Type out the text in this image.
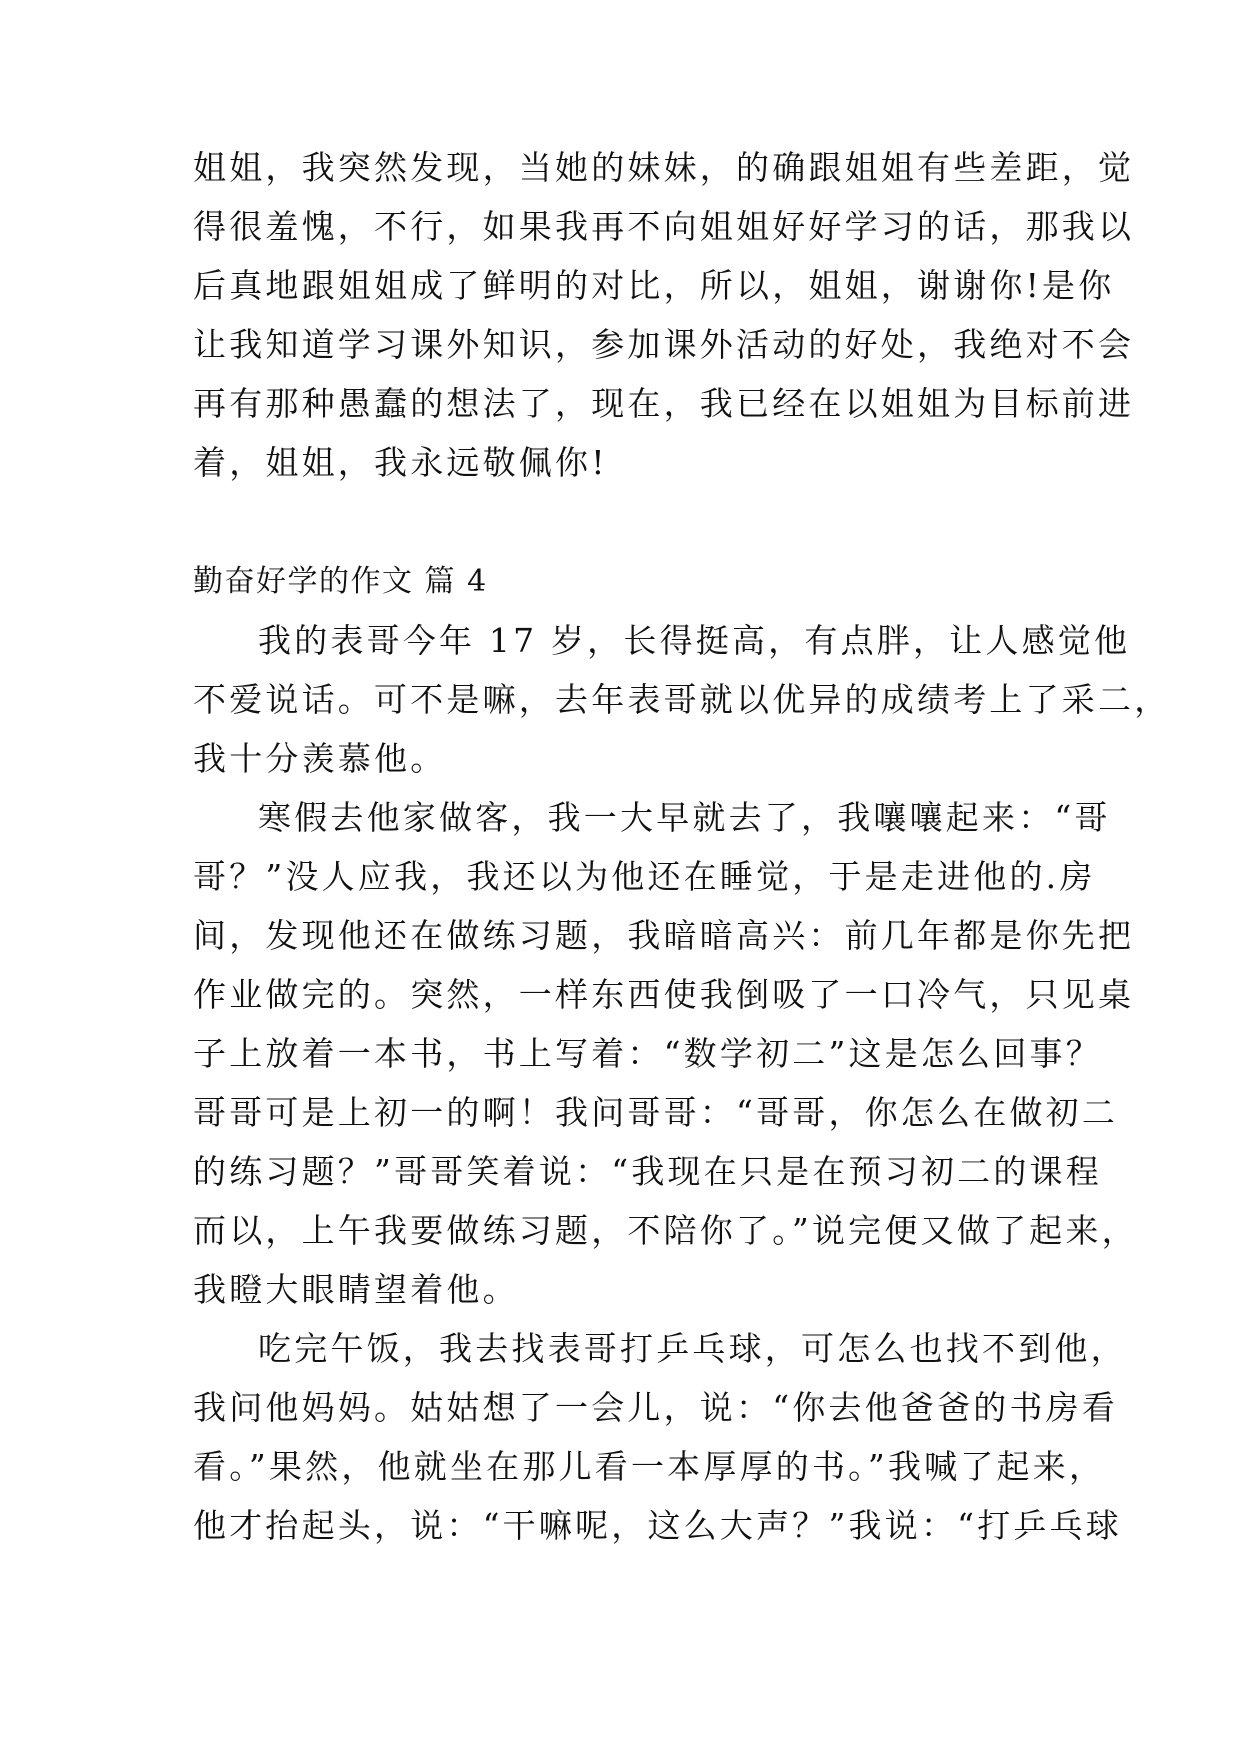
姐姐，我突然发现，当她的妹妹，的确跟姐姐有些差距，觉
得很羞愧，不行，如果我再不向姐姐好好学习的话，那我以
后真地跟姐姐成了鲜明的对比，所以，姐姐，谢谢你!是你
让我知道学习课外知识，参加课外活动的好处，我绝对不会
再有那种愚蠢的想法了，现在，我已经在以姐姐为目标前进
着，姐姐，我永远敬佩你!
勤奋好学的作文 篇 4
我的表哥今年 17 岁，长得挺高，有点胖，让人感觉他
不爱说话。可不是嘛，去年表哥就以优异的成绩考上了采二，
我十分羡慕他。
寒假去他家做客，我一大早就去了，我嚷嚷起来：“哥
哥？”没人应我，我还以为他还在睡觉，于是走进他的.房
间，发现他还在做练习题，我暗暗高兴：前几年都是你先把
作业做完的。突然，一样东西使我倒吸了一口冷气，只见桌
子上放着一本书，书上写着：“数学初二”这是怎么回事？
哥哥可是上初一的啊！我问哥哥：“哥哥，你怎么在做初二
的练习题？”哥哥笑着说：“我现在只是在预习初二的课程
而以，上午我要做练习题，不陪你了。”说完便又做了起来，
我瞪大眼睛望着他。
吃完午饭，我去找表哥打乒乓球，可怎么也找不到他，
我问他妈妈。姑姑想了一会儿，说：“你去他爸爸的书房看
看。”果然，他就坐在那儿看一本厚厚的书。”我喊了起来，
他才抬起头，说：“干嘛呢，这么大声？”我说：“打乒乓球
